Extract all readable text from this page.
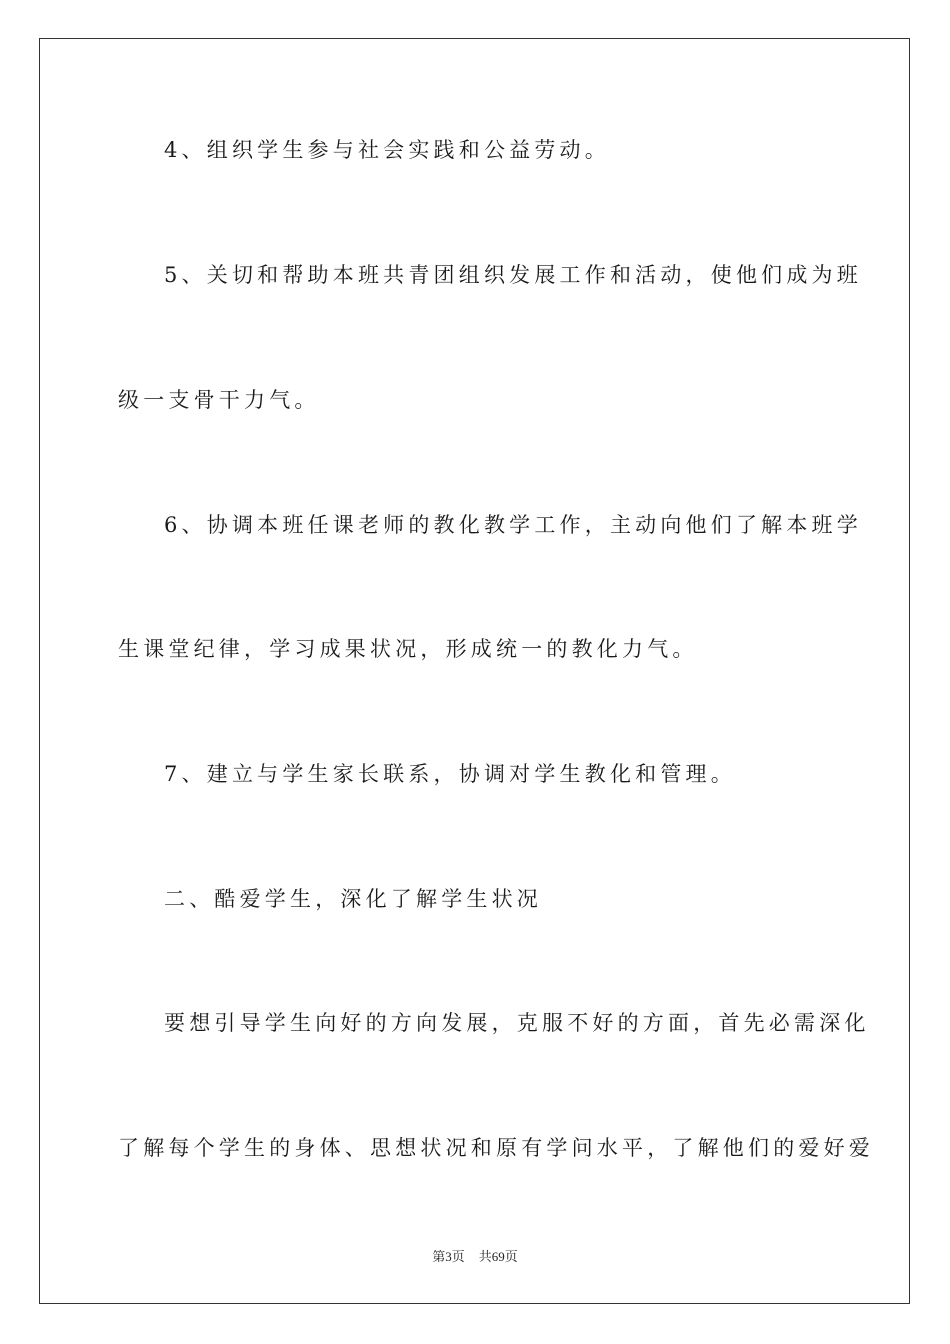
4、组织学生参与社会实践和公益劳动。
5、关切和帮助本班共青团组织发展工作和活动，使他们成为班
级一支骨干力气。
6、协调本班任课老师的教化教学工作，主动向他们了解本班学
生课堂纪律，学习成果状况，形成统一的教化力气。
7、建立与学生家长联系，协调对学生教化和管理。
二、酷爱学生，深化了解学生状况
要想引导学生向好的方向发展，克服不好的方面，首先必需深化
了解每个学生的身体、思想状况和原有学问水平，了解他们的爱好爱
第3页 共69页
